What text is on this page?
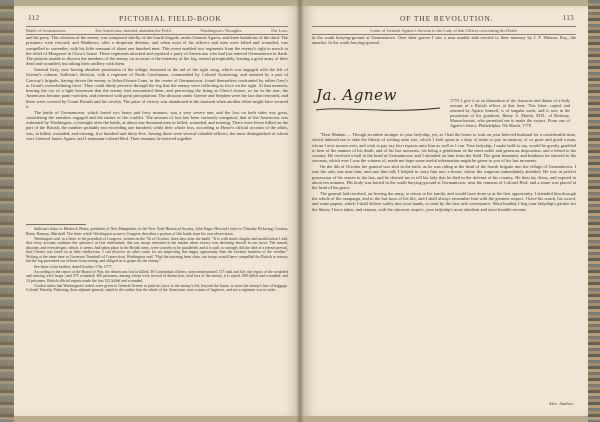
112	PICTORIAL FIELD-BOOK
Battle of Germantown.	The Americans, dazzled, abandon the Field.	Washington's Thoughts.	The Loss.

and his party. This division of the enemy was composed chiefly of the fourth brigade, under General Agnew, and three battalions of the third. The prisoners were rescued; and Matthews, after a desperate defense, and when most of his officers and men were killed and wounded, was compelled to surrender, with his little remnant of about one hundred men. This event enabled two regiments from the enemy's right to march to the relief of Musgrave in Chew's house. These regiments attacked and repulsed a party of Americans who had just entered Germantown in flank. The patriots unable to discern the numbers of the enemy on account of the intensity of the fog, retired precipitately, leaving a great army of their dead and wounded, but taking their artillery with them.

General Grey, now having absolute possession of the village, hastened to the aid of the right wing, which was engaged with the left of Greene's column. Sullivan's division, with a regiment of North Carolinians, commanded by Colonel Armstrong, and assisted by a part of Conway's brigade, having driven the enemy to School-house Lane, in the center of Germantown, found themselves confronted by either Grey's or Grant's overwhelming force. They could dimly perceive through the fog that the enemy were collecting in force on the right. At that moment, hearing the cry of a light horseman that the enemy had surrounded them, and perceiving the firing at Chew's house, so far in the rear, the Americans became panic-stricken, and retreated with great precipitation. The division under Greene and Stephen were the last that retreated, and these were covered by Count Pulaski and his cavalry. The prize of victory was abandoned at the moment when another effort might have secured it.

The battle of Germantown, which lasted two hours and forty minutes, was a very severe one, and the loss on both sides was great, considering the numbers engaged and the nature of the conflict. The amount of loss has been variously computed; that of the Americans was estimated by Washington, a fortnight after the battle, at about one thousand men in killed, wounded, and missing. There were fewer killed on the part of the British, the number probably not exceeding one hundred; while their whole loss, according to Howe's official account of the affair, was, in killed, wounded, and missing, five hundred and thirty-five. Among those were several valuable officers, the most distinguished of whom were General James Agnew and Lieutenant-colonel Bird. Their remains lie interred together.

Sullivan's letter to Meshech Weare, president of New Hampshire; in the New York Historical Society; John Eager Howard's letter to Timothy Pickering; Gordon; Botta; Ramsay; Marshall. The letter which Washington wrote to Congress describes a portion of this battle from his own observation.

Washington said, in a letter to the president of Congress, written on the 7th of October, three days after the battle, "It is with much chagrin and mortification I add, that every account confirms the opinion I at first entertained, that our troops retreated at the instant when victory was declaring herself in our favor. The tumult, disorder, and even despair, which, it seems, had taken place in the British army, were scarcely to be paralleled; and it is said, so strongly did the idea of a retreat prevail, that Chester was fixed on as their rendezvous. I can discover no other cause for not improving this happy opportunity than the extreme haziness of the weather." Writing at the same time to Governor Trumbull of Connecticut, Washington said, "Had the morning been clear, our troops would have compelled the British to retreat; but the fog prevented our officers from seeing, and obliged us to grope for the enemy."

See letter to his brother, dated October 17th, 1777.

According to the report of the Board of War, the Americans lost in killed, 30 Continental officers; noncommissioned, 117 rank and file; the report of the wounded and missing were larger; and 379 wounded; 400 prisoners, among whom were several of distinction; total loss of the enemy, it is stated, 600 killed and wounded; and 14 prisoners. British official reports made the loss 521 killed and wounded.

Gordon states that Washington's orders were given to General Greene to push his force to the enemy's left, beyond the house, to seize the enemy's line of baggage. Colonel Timothy Pickering, then adjutant-general, stated to the author that the whole of the Americans were a mass of fugitives, and not a regiment was in order.

OF THE REVOLUTION.	113
Letter of General Agnew's Servant to the Lady of that Officer concerning his Death.

in the south burying-ground at Germantown. Over their graves I saw a neat marble slab erected to their memory by J. F. Watson, Esq., the annalist. In the south burying-ground

Ja. Agnew	1778. I give it as an illustration of the character and duties of a body servant of a British officer at that time. This letter, copied and retained by Agnew himself, is of singular merit, and is now in the possession of his grandson, Henry A. Martin, M.D., of Roxbury, Massachusetts, who permitted me to make the extract. From one of Agnew's letters: Philadelphia, 9th March, 1778.

"Dear Madam — Though an entire stranger to your ladyship, yet, as I had the honor to wait on your beloved husband for a considerable time, which induced me to take the liberty of writing unto you, which I look upon as a duty of mine to pay in memory of so great and good a man, whom I now mourn over, and wish to pay my last respects unto him as well as I can. Your ladyship, I make bold to say, would be greatly gratified to hear of the manner of his death, and of his last moments, his being a gentleman of the most noble and generous disposition, and a friend to his country. He received a ball in the head at Germantown, and I attended on him from the field. The great humanity and kindness he showed to his servants, which ever I was the witness of, made me hope some useful information might be given to you of his last moments.

On the 4th of October the general was shot in the back, as he was riding at the head of the fourth brigade into the village of Germantown. I was the only one near him, and saw him fall; I helped to carry him into a house, where the surgeons immediately attended. He was in perfect possession of his senses to the last, and he desired me to tell his lady that he died in the defense of his country. He then lay down, and expired in about ten minutes. His body was buried in the south burying-ground at Germantown, near the remains of Colonel Bird, and a stone was placed at the head of his grave.

The general had resolved, on leaving the army, to return to his family, and would have done so at the first opportunity. I attended him through the whole of the campaign, and to the last hour of his life, and I shall always remember him with the greatest respect. I have his watch, his sword, and some papers, which I shall deliver safely into your hands, or send by the first safe conveyance. Most humbly I beg your ladyship's pardon for the liberty I have taken, and remain, with the sincerest respect, your ladyship's most obedient and most humble servant.

Alex. Andrew.
